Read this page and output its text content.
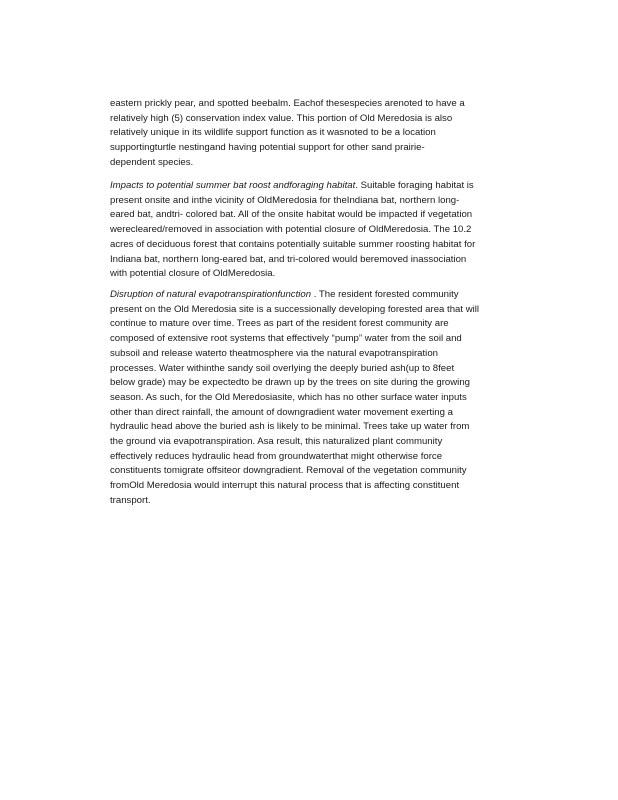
eastern prickly pear, and spotted beebalm. Eachof thesespecies arenoted to have a
relatively high (5) conservation index value. This portion of Old Meredosia is also
relatively unique in its wildlife support function as it wasnoted to be a location
supportingturtle nestingand having potential support for other sand prairie-
dependent species.
Impacts to potential summer bat roost andforaging habitat. Suitable foraging habitat is
present onsite and inthe vicinity of OldMeredosia for theIndiana bat, northern long-
eared bat, andtri- colored bat. All of the onsite habitat would be impacted if vegetation
werecleared/removed in association with potential closure of OldMeredosia. The 10.2
acres of deciduous forest that contains potentially suitable summer roosting habitat for
Indiana bat, northern long-eared bat, and tri-colored would beremoved inassociation
with potential closure of OldMeredosia.
Disruption of natural evapotranspirationfunction . The resident forested community
present on the Old Meredosia site is a successionally developing forested area that will
continue to mature over time. Trees as part of the resident forest community are
composed of extensive root systems that effectively “pump” water from the soil and
subsoil and release waterto theatmosphere via the natural evapotranspiration
processes. Water withinthe sandy soil overlying the deeply buried ash(up to 8feet
below grade) may be expectedto be drawn up by the trees on site during the growing
season. As such, for the Old Meredosiasite, which has no other surface water inputs
other than direct rainfall, the amount of downgradient water movement exerting a
hydraulic head above the buried ash is likely to be minimal. Trees take up water from
the ground via evapotranspiration. Asa result, this naturalized plant community
effectively reduces hydraulic head from groundwaterthat might otherwise force
constituents tomigrate offsiteor downgradient. Removal of the vegetation community
fromOld Meredosia would interrupt this natural process that is affecting constituent
transport.
